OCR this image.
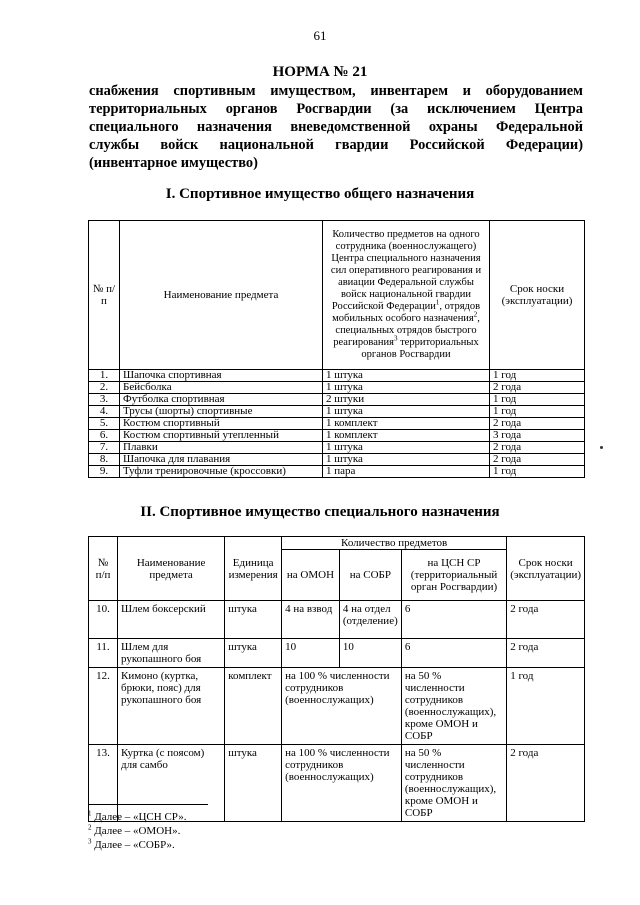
61
НОРМА № 21
снабжения спортивным имуществом, инвентарем и оборудованием
территориальных органов Росгвардии (за исключением Центра
специального назначения вневедомственной охраны Федеральной
службы войск национальной гвардии Российской Федерации)
(инвентарное имущество)
I. Спортивное имущество общего назначения
№ п/п	Наименование предмета	Количество предметов на одного сотрудника (военнослужащего) Центра специального назначения сил оперативного реагирования и авиации Федеральной службы войск национальной гвардии Российской Федерации$^1$, отрядов мобильных особого назначения$^2$, специальных отрядов быстрого реагирования$^3$ территориальных органов Росгвардии	Срок носки (эксплуатации)
1.	Шапочка спортивная	1 штука	1 год
2.	Бейсболка	1 штука	2 года
3.	Футболка спортивная	2 штуки	1 год
4.	Трусы (шорты) спортивные	1 штука	1 год
5.	Костюм спортивный	1 комплект	2 года
6.	Костюм спортивный утепленный	1 комплект	3 года
7.	Плавки	1 штука	2 года
8.	Шапочка для плавания	1 штука	2 года
9.	Туфли тренировочные (кроссовки)	1 пара	1 год
II. Спортивное имущество специального назначения
№ п/п	Наименование предмета	Единица измерения	Количество предметов			Срок носки (эксплуатации)
			на ОМОН	на СОБР	на ЦСН СР (территориальный орган Росгвардии)	
10.	Шлем боксерский	штука	4 на взвод	4 на отдел (отделение)	6	2 года
11.	Шлем для рукопашного боя	штука	10	10	6	2 года
12.	Кимоно (куртка, брюки, пояс) для рукопашного боя	комплект	на 100 % численности сотрудников (военнослужащих)		на 50 % численности сотрудников (военнослужащих), кроме ОМОН и СОБР	1 год
13.	Куртка (с поясом) для самбо	штука	на 100 % численности сотрудников (военнослужащих)		на 50 % численности сотрудников (военнослужащих), кроме ОМОН и СОБР	2 года
$^1$ Далее – «ЦСН СР».
$^2$ Далее – «ОМОН».
$^3$ Далее – «СОБР».
